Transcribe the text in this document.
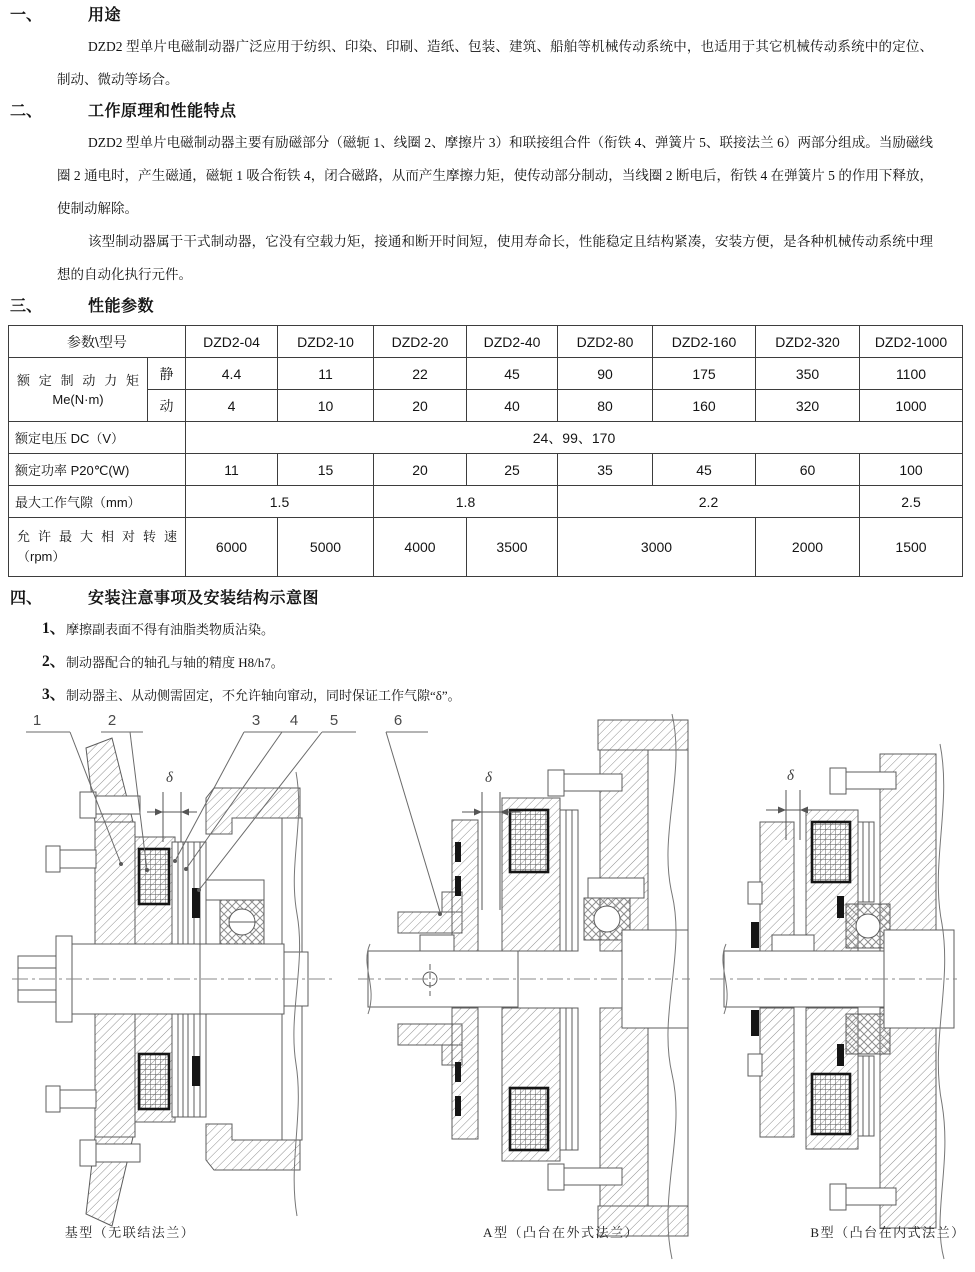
一、	用途

DZD2 型单片电磁制动器广泛应用于纺织、印染、印刷、造纸、包装、建筑、船舶等机械传动系统中，也适用于其它机械传动系统中的定位、制动、微动等场合。

二、	工作原理和性能特点

DZD2 型单片电磁制动器主要有励磁部分（磁轭 1、线圈 2、摩擦片 3）和联接组合件（衔铁 4、弹簧片 5、联接法兰 6）两部分组成。当励磁线圈 2 通电时，产生磁通，磁轭 1 吸合衔铁 4，闭合磁路，从而产生摩擦力矩，使传动部分制动，当线圈 2 断电后，衔铁 4 在弹簧片 5 的作用下释放，使制动解除。

该型制动器属于干式制动器，它没有空载力矩，接通和断开时间短，使用寿命长，性能稳定且结构紧凑，安装方便，是各种机械传动系统中理想的自动化执行元件。

三、	性能参数
参数\型号		DZD2-04	DZD2-10	DZD2-20	DZD2-40	DZD2-80	DZD2-160	DZD2-320	DZD2-1000

额定制动力矩
Me(N·m)	静	4.4	11	22	45	90	175	350	1100
	动	4	10	20	40	80	160	320	1000
额定电压 DC（V）		24、99、170							
额定功率 P20℃(W)		11	15	20	25	35	45	60	100
最大工作气隙（mm）		1.5		1.8		2.2			2.5

允许最大相对转速
（rpm）		6000	5000	4000	3500	3000		2000	1500
四、	安装注意事项及安装结构示意图
1、 摩擦副表面不得有油脂类物质沾染。
2、 制动器配合的轴孔与轴的精度 H8/h7。
3、 制动器主、从动侧需固定，不允许轴向窜动，同时保证工作气隙“δ”。
1	2	3	4	5	6
δ	δ	δ
基型（无联结法兰）	A型（凸台在外式法兰）	B型（凸台在内式法兰）
